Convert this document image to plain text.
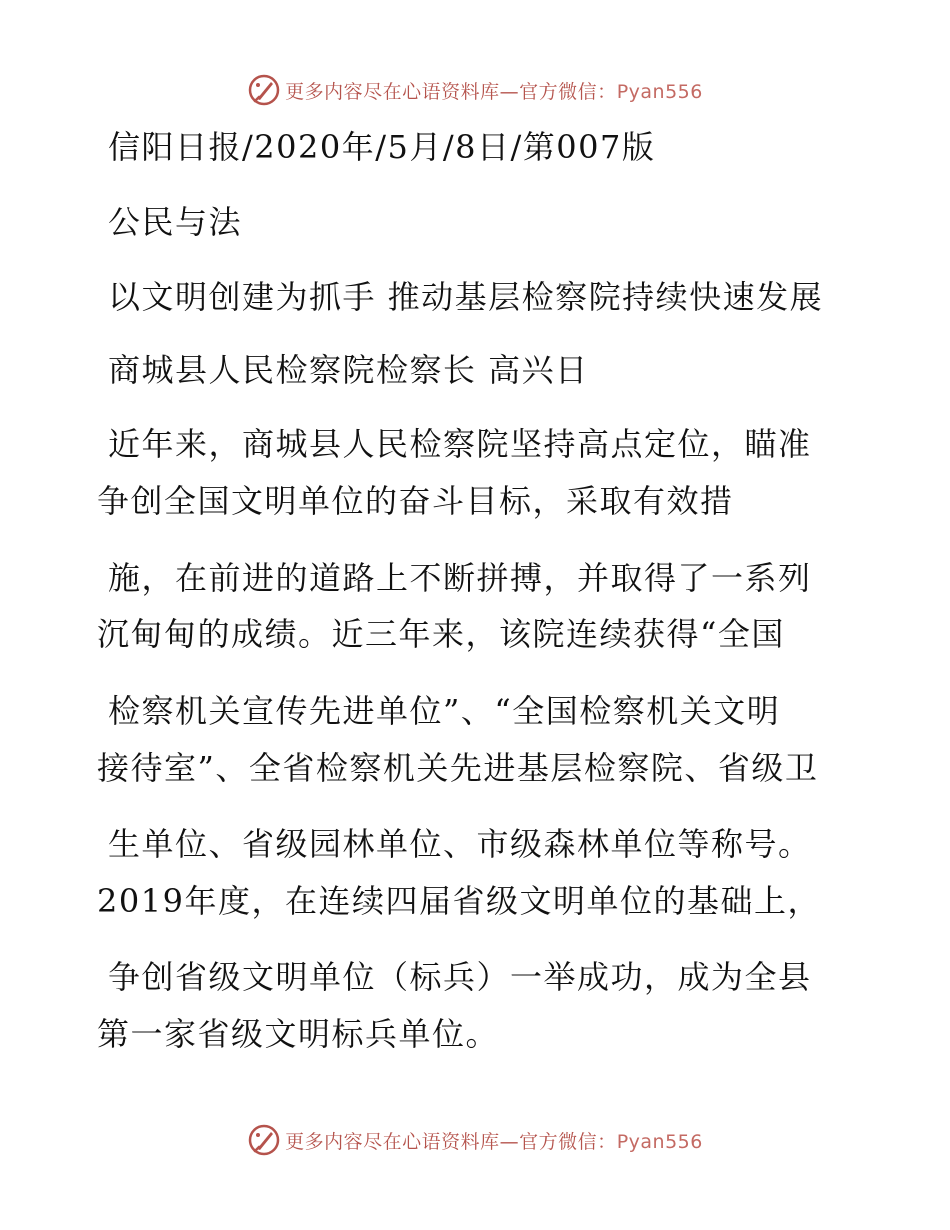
更多内容尽在心语资料库—官方微信：Pyan556
信阳日报/2020年/5月/8日/第007版
公民与法
以文明创建为抓手 推动基层检察院持续快速发展
商城县人民检察院检察长 高兴日
近年来，商城县人民检察院坚持高点定位，瞄准
争创全国文明单位的奋斗目标，采取有效措
施，在前进的道路上不断拼搏，并取得了一系列
沉甸甸的成绩。近三年来，该院连续获得“全国
检察机关宣传先进单位”、“全国检察机关文明
接待室”、全省检察机关先进基层检察院、省级卫
生单位、省级园林单位、市级森林单位等称号。
2019年度，在连续四届省级文明单位的基础上，
争创省级文明单位（标兵）一举成功，成为全县
第一家省级文明标兵单位。
更多内容尽在心语资料库—官方微信：Pyan556
